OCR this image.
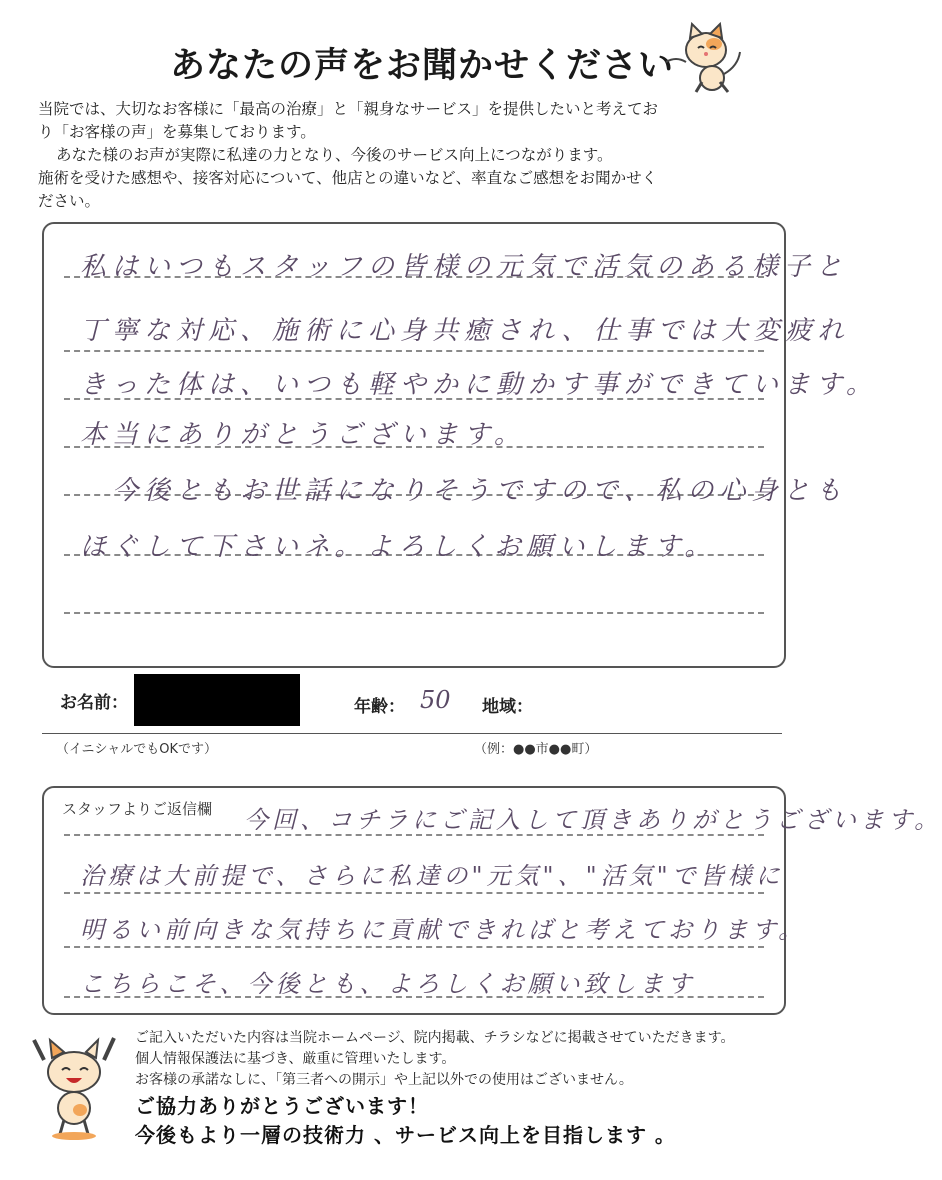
あなたの声をお聞かせください

当院では、大切なお客様に「最高の治療」と「親身なサービス」を提供したいと考えてお

り「お客様の声」を募集しております。

あなた様のお声が実際に私達の力となり、今後のサービス向上につながります。

施術を受けた感想や、接客対応について、他店との違いなど、率直なご感想をお聞かせく

ださい。

私はいつもスタッフの皆様の元気で活気のある様子と
丁寧な対応、施術に心身共癒され、仕事では大変疲れ
きった体は、いつも軽やかに動かす事ができています。
本当にありがとうございます。
　今後ともお世話になりそうですので、私の心身とも
ほぐして下さいネ。よろしくお願いします。
お名前：	年齢： 50 地域：
（イニシャルでもOKです）	（例：●●市●●町）
スタッフよりご返信欄 今回、コチラにご記入して頂きありがとうございます。
治療は大前提で、さらに私達の"元気"、"活気"で皆様に
明るい前向きな気持ちに貢献できればと考えております。
こちらこそ、今後とも、よろしくお願い致します

ご記入いただいた内容は当院ホームページ、院内掲載、チラシなどに掲載させていただきます。

個人情報保護法に基づき、厳重に管理いたします。

お客様の承諾なしに、「第三者への開示」や上記以外での使用はございません。

ご協力ありがとうございます！

今後もより一層の技術力 、サービス向上を目指します 。
